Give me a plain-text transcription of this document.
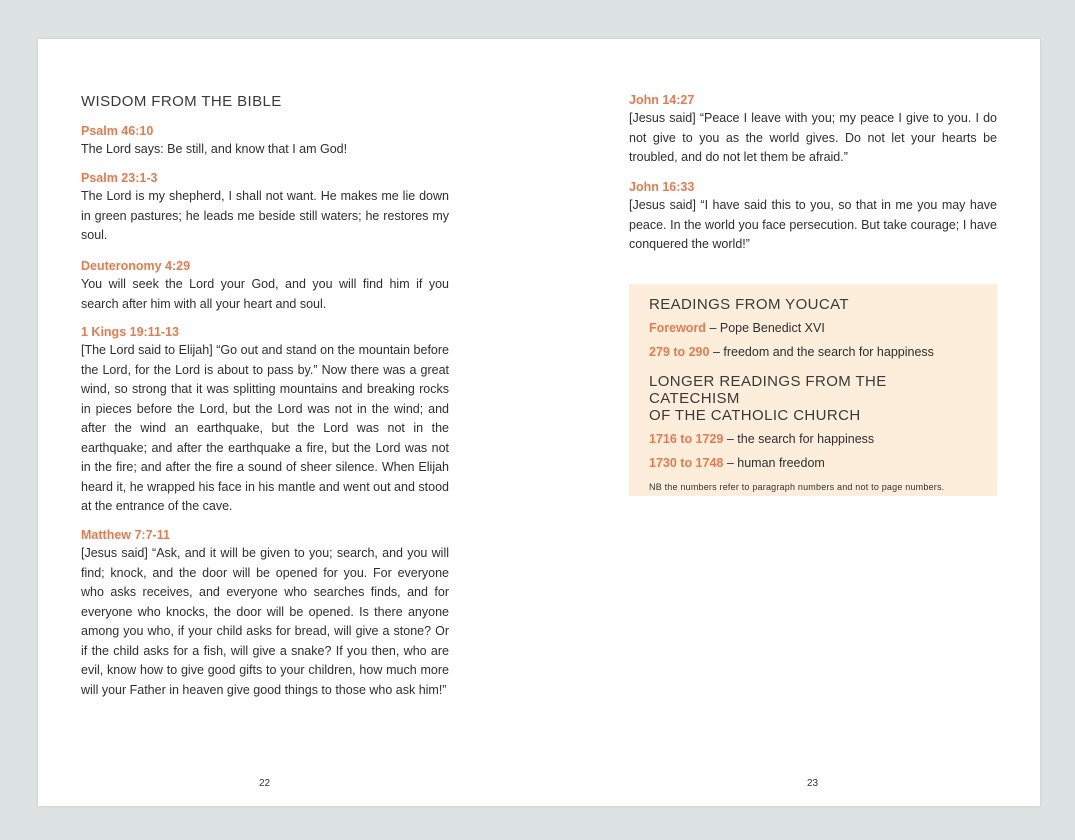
WISDOM FROM THE BIBLE
Psalm 46:10
The Lord says: Be still, and know that I am God!
Psalm 23:1-3
The Lord is my shepherd, I shall not want. He makes me lie down in green pastures; he leads me beside still waters; he restores my soul.
Deuteronomy 4:29
You will seek the Lord your God, and you will find him if you search after him with all your heart and soul.
1 Kings 19:11-13
[The Lord said to Elijah] “Go out and stand on the mountain before the Lord, for the Lord is about to pass by.” Now there was a great wind, so strong that it was splitting mountains and breaking rocks in pieces before the Lord, but the Lord was not in the wind; and after the wind an earthquake, but the Lord was not in the earthquake; and after the earthquake a fire, but the Lord was not in the fire; and after the fire a sound of sheer silence. When Elijah heard it, he wrapped his face in his mantle and went out and stood at the entrance of the cave.
Matthew 7:7-11
[Jesus said] “Ask, and it will be given to you; search, and you will find; knock, and the door will be opened for you. For everyone who asks receives, and everyone who searches finds, and for everyone who knocks, the door will be opened. Is there anyone among you who, if your child asks for bread, will give a stone? Or if the child asks for a fish, will give a snake? If you then, who are evil, know how to give good gifts to your children, how much more will your Father in heaven give good things to those who ask him!”
22
John 14:27
[Jesus said] “Peace I leave with you; my peace I give to you. I do not give to you as the world gives. Do not let your hearts be troubled, and do not let them be afraid.”
John 16:33
[Jesus said] “I have said this to you, so that in me you may have peace. In the world you face persecution. But take courage; I have conquered the world!”
READINGS FROM YOUCAT
Foreword – Pope Benedict XVI
279 to 290 – freedom and the search for happiness
LONGER READINGS FROM THE CATECHISM
OF THE CATHOLIC CHURCH
1716 to 1729 – the search for happiness
1730 to 1748 – human freedom
NB the numbers refer to paragraph numbers and not to page numbers.
23
